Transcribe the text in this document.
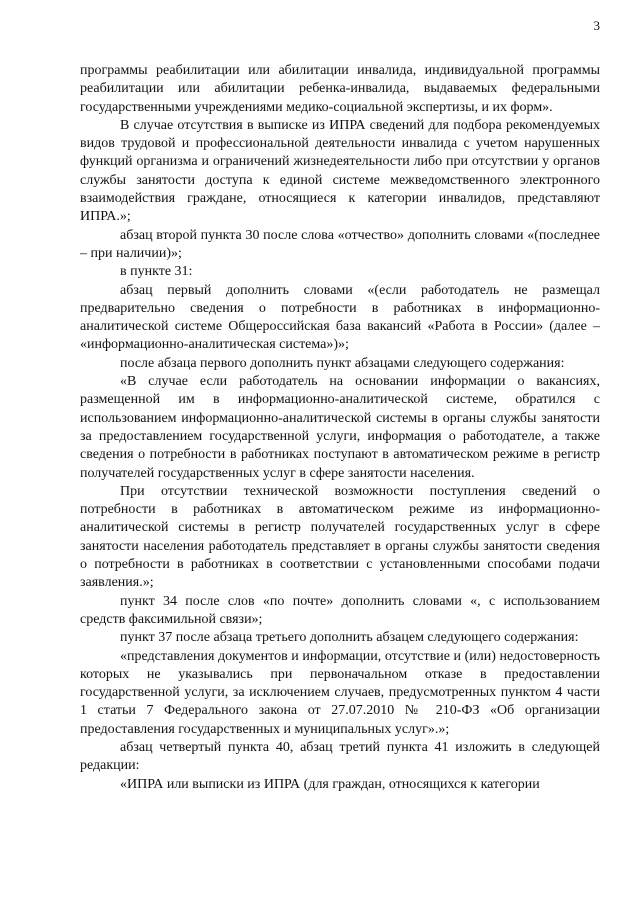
3

программы реабилитации или абилитации инвалида, индивидуальной программы реабилитации или абилитации ребенка-инвалида, выдаваемых федеральными государственными учреждениями медико-социальной экспертизы, и их форм».

В случае отсутствия в выписке из ИПРА сведений для подбора рекомендуемых видов трудовой и профессиональной деятельности инвалида с учетом нарушенных функций организма и ограничений жизнедеятельности либо при отсутствии у органов службы занятости доступа к единой системе межведомственного электронного взаимодействия граждане, относящиеся к категории инвалидов, представляют ИПРА.»;

абзац второй пункта 30 после слова «отчество» дополнить словами «(последнее – при наличии)»;

в пункте 31:

абзац первый дополнить словами «(если работодатель не размещал предварительно сведения о потребности в работниках в информационно-аналитической системе Общероссийская база вакансий «Работа в России» (далее – «информационно-аналитическая система»)»;

после абзаца первого дополнить пункт абзацами следующего содержания:

«В случае если работодатель на основании информации о вакансиях, размещенной им в информационно-аналитической системе, обратился с использованием информационно-аналитической системы в органы службы занятости за предоставлением государственной услуги, информация о работодателе, а также сведения о потребности в работниках поступают в автоматическом режиме в регистр получателей государственных услуг в сфере занятости населения.

При отсутствии технической возможности поступления сведений о потребности в работниках в автоматическом режиме из информационно-аналитической системы в регистр получателей государственных услуг в сфере занятости населения работодатель представляет в органы службы занятости сведения о потребности в работниках в соответствии с установленными способами подачи заявления.»;

пункт 34 после слов «по почте» дополнить словами «, с использованием средств факсимильной связи»;

пункт 37 после абзаца третьего дополнить абзацем следующего содержания:

«представления документов и информации, отсутствие и (или) недостоверность которых не указывались при первоначальном отказе в предоставлении государственной услуги, за исключением случаев, предусмотренных пунктом 4 части 1 статьи 7 Федерального закона от 27.07.2010 № 210-ФЗ «Об организации предоставления государственных и муниципальных услуг».»;

абзац четвертый пункта 40, абзац третий пункта 41 изложить в следующей редакции:

«ИПРА или выписки из ИПРА (для граждан, относящихся к категории
